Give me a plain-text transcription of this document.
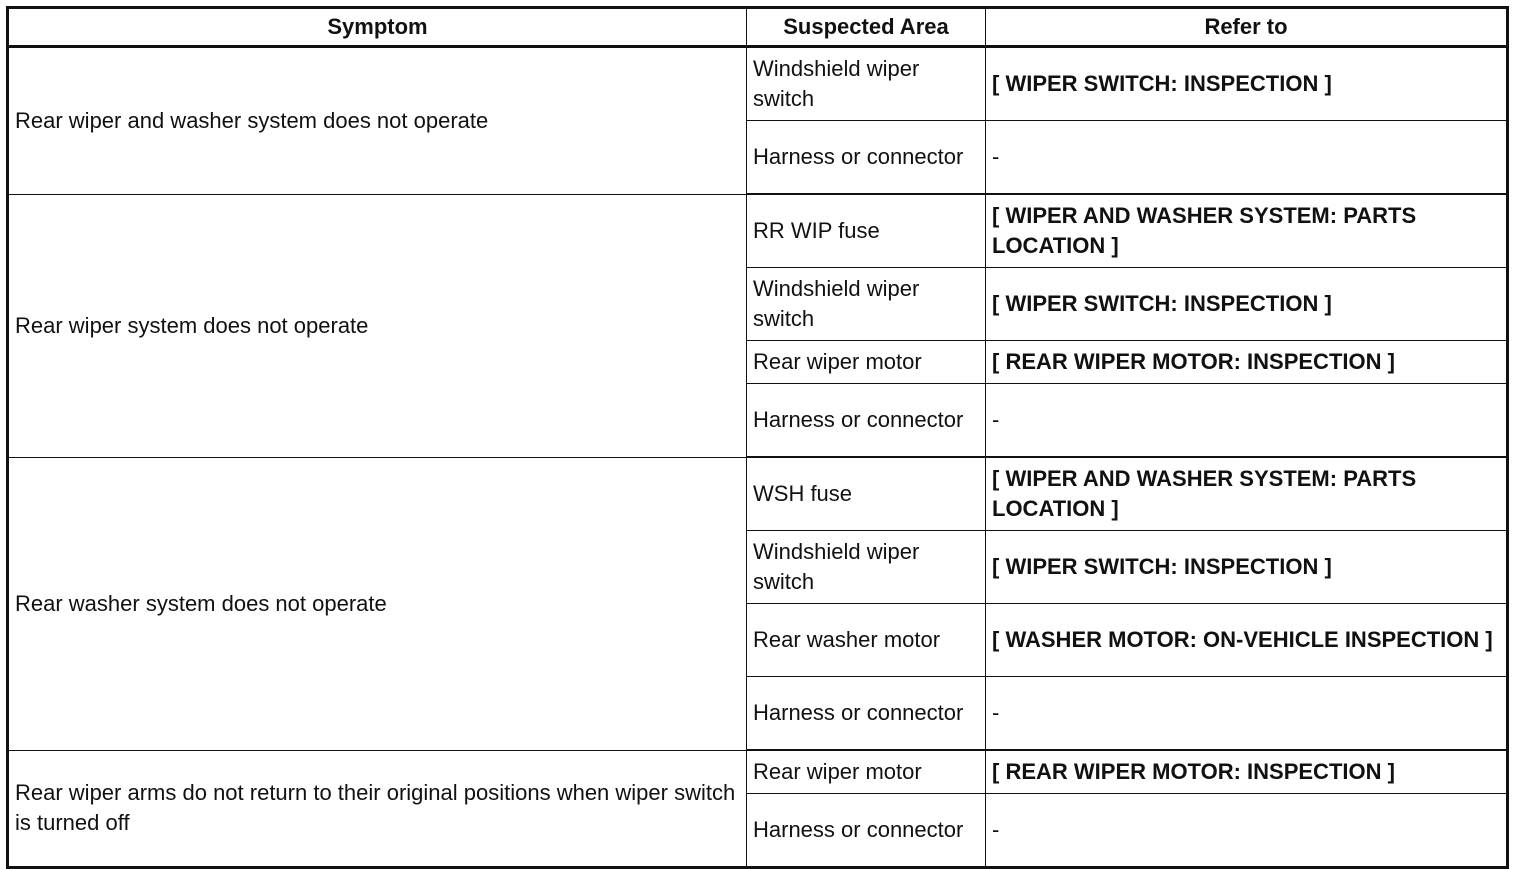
Symptom	Suspected Area	Refer to
Rear wiper and washer system does not operate	Windshield wiper switch	[ WIPER SWITCH: INSPECTION ]
	Harness or connector	-
Rear wiper system does not operate	RR WIP fuse	[ WIPER AND WASHER SYSTEM: PARTS LOCATION ]
	Windshield wiper switch	[ WIPER SWITCH: INSPECTION ]
	Rear wiper motor	[ REAR WIPER MOTOR: INSPECTION ]
	Harness or connector	-
Rear washer system does not operate	WSH fuse	[ WIPER AND WASHER SYSTEM: PARTS LOCATION ]
	Windshield wiper switch	[ WIPER SWITCH: INSPECTION ]
	Rear washer motor	[ WASHER MOTOR: ON-VEHICLE INSPECTION ]
	Harness or connector	-
Rear wiper arms do not return to their original positions when wiper switch is turned off	Rear wiper motor	[ REAR WIPER MOTOR: INSPECTION ]
	Harness or connector	-
